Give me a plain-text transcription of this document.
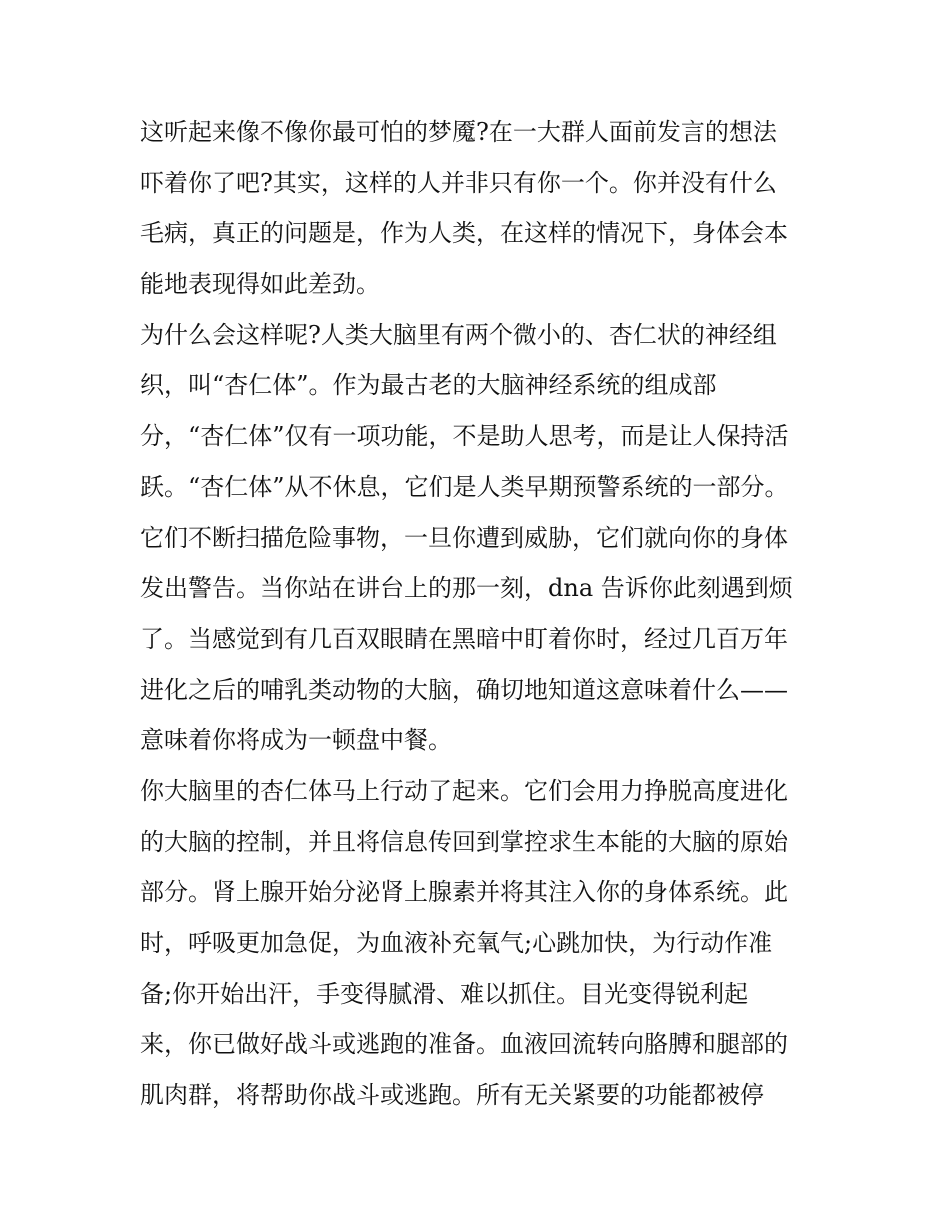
这听起来像不像你最可怕的梦魇?在一大群人面前发言的想法
吓着你了吧?其实，这样的人并非只有你一个。你并没有什么
毛病，真正的问题是，作为人类，在这样的情况下，身体会本
能地表现得如此差劲。
为什么会这样呢?人类大脑里有两个微小的、杏仁状的神经组
织，叫“杏仁体”。作为最古老的大脑神经系统的组成部
分，“杏仁体”仅有一项功能，不是助人思考，而是让人保持活
跃。“杏仁体”从不休息，它们是人类早期预警系统的一部分。
它们不断扫描危险事物，一旦你遭到威胁，它们就向你的身体
发出警告。当你站在讲台上的那一刻，dna 告诉你此刻遇到烦
了。当感觉到有几百双眼睛在黑暗中盯着你时，经过几百万年
进化之后的哺乳类动物的大脑，确切地知道这意味着什么——
意味着你将成为一顿盘中餐。
你大脑里的杏仁体马上行动了起来。它们会用力挣脱高度进化
的大脑的控制，并且将信息传回到掌控求生本能的大脑的原始
部分。肾上腺开始分泌肾上腺素并将其注入你的身体系统。此
时，呼吸更加急促，为血液补充氧气;心跳加快，为行动作准
备;你开始出汗，手变得腻滑、难以抓住。目光变得锐利起
来，你已做好战斗或逃跑的准备。血液回流转向胳膊和腿部的
肌肉群，将帮助你战斗或逃跑。所有无关紧要的功能都被停
